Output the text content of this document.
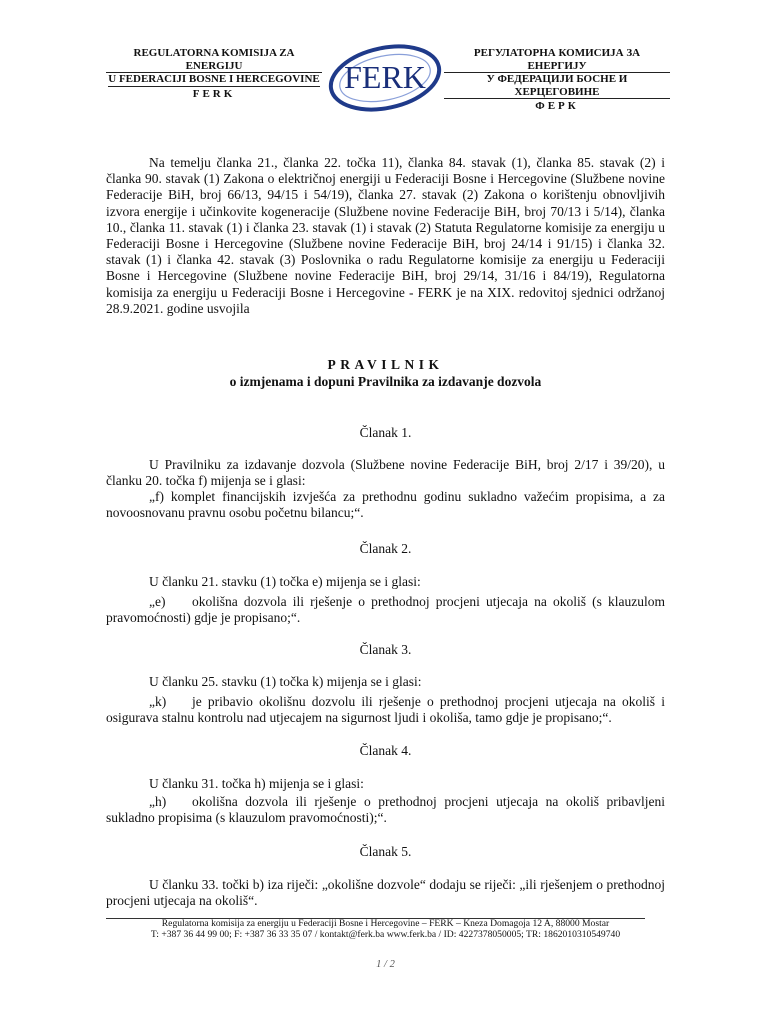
REGULATORNA KOMISIJA ZA ENERGIJU
U FEDERACIJI BOSNE I HERCEGOVINE
FERK	FERK
РЕГУЛАТОРНА КОМИСИЈА ЗА ЕНЕРГИЈУ
У ФЕДЕРАЦИЈИ БОСНЕ И ХЕРЦЕГОВИНЕ
ФЕРК
Na temelju članka 21., članka 22. točka 11), članka 84. stavak (1), članka 85. stavak (2) i članka 90. stavak (1) Zakona o električnoj energiji u Federaciji Bosne i Hercegovine (Službene novine Federacije BiH, broj 66/13, 94/15 i 54/19), članka 27. stavak (2) Zakona o korištenju obnovljivih izvora energije i učinkovite kogeneracije (Službene novine Federacije BiH, broj 70/13 i 5/14), članka 10., članka 11. stavak (1) i članka 23. stavak (1) i stavak (2) Statuta Regulatorne komisije za energiju u Federaciji Bosne i Hercegovine (Službene novine Federacije BiH, broj 24/14 i 91/15) i članka 32. stavak (1) i članka 42. stavak (3) Poslovnika o radu Regulatorne komisije za energiju u Federaciji Bosne i Hercegovine (Službene novine Federacije BiH, broj 29/14, 31/16 i 84/19), Regulatorna komisija za energiju u Federaciji Bosne i Hercegovine - FERK je na XIX. redovitoj sjednici održanoj 28.9.2021. godine usvojila
PRAVILNIK
o izmjenama i dopuni Pravilnika za izdavanje dozvola
Članak 1.
U Pravilniku za izdavanje dozvola (Službene novine Federacije BiH, broj 2/17 i 39/20), u članku 20. točka f) mijenja se i glasi:
„f) komplet financijskih izvješća za prethodnu godinu sukladno važećim propisima, a za novoosnovanu pravnu osobu početnu bilancu;“.
Članak 2.
U članku 21. stavku (1) točka e) mijenja se i glasi:
„e) okolišna dozvola ili rješenje o prethodnoj procjeni utjecaja na okoliš (s klauzulom pravomoćnosti) gdje je propisano;“.
Članak 3.
U članku 25. stavku (1) točka k) mijenja se i glasi:
„k) je pribavio okolišnu dozvolu ili rješenje o prethodnoj procjeni utjecaja na okoliš i osigurava stalnu kontrolu nad utjecajem na sigurnost ljudi i okoliša, tamo gdje je propisano;“.
Članak 4.
U članku 31. točka h) mijenja se i glasi:
„h) okolišna dozvola ili rješenje o prethodnoj procjeni utjecaja na okoliš pribavljeni sukladno propisima (s klauzulom pravomoćnosti);“.
Članak 5.
U članku 33. točki b) iza riječi: „okolišne dozvole“ dodaju se riječi: „ili rješenjem o prethodnoj procjeni utjecaja na okoliš“.
Regulatorna komisija za energiju u Federaciji Bosne i Hercegovine – FERK – Kneza Domagoja 12 A, 88000 Mostar
T: +387 36 44 99 00; F: +387 36 33 35 07 / kontakt@ferk.ba www.ferk.ba / ID: 4227378050005; TR: 1862010310549740
1 / 2
